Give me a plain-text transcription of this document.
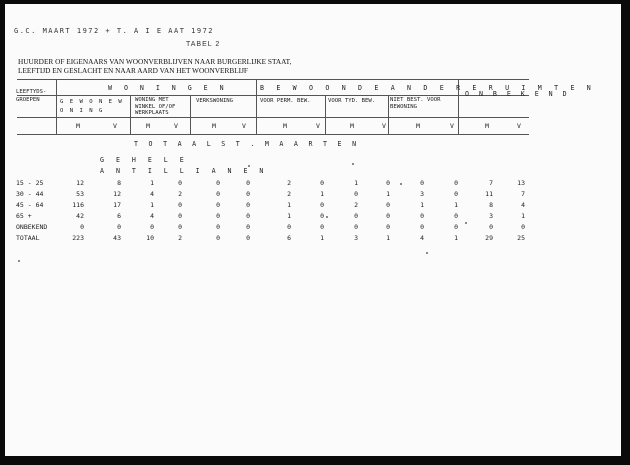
G.C. MAART 1972 + T. A I E AAT 1972
TABEL 2
HUURDER OF EIGENAARS VAN WOONVERBLIJVEN NAAR BURGERLIJKE STAAT,
LEEFTIJD EN GESLACHT EN NAAR AARD VAN HET WOONVERBLIJF
LEEFTYDS- GROEPEN
W O N I N G E N	B E W O O N D E A N D E R E R U I M T E N
O N B E K E N D
G E W O N E W O N I N G
WONING MET WINKEL OF/OF WERKPLAATS
VERKSWONING	VOOR PERM. BEW.	VOOR TYD. BEW.	NIET BEST. VOOR BEWONING
M	V	M	V	M	V	M	V	M	V	M	V	M	V
T O T A A L S T . M A A R T E N
G E H E L E
A N T I L L I A N E N
15 - 25	12	8	1	0	0	0	2	0	1	0	0	0	7	13
30 - 44	53	12	4	2	0	0	2	1	0	1	3	0	11	7
45 - 64	116	17	1	0	0	0	1	0	2	0	1	1	8	4
65 +	42	6	4	0	0	0	1	0	0	0	0	0	3	1
ONBEKEND	0	0	0	0	0	0	0	0	0	0	0	0	0	0
TOTAAL	223	43	10	2	0	0	6	1	3	1	4	1	29	25
